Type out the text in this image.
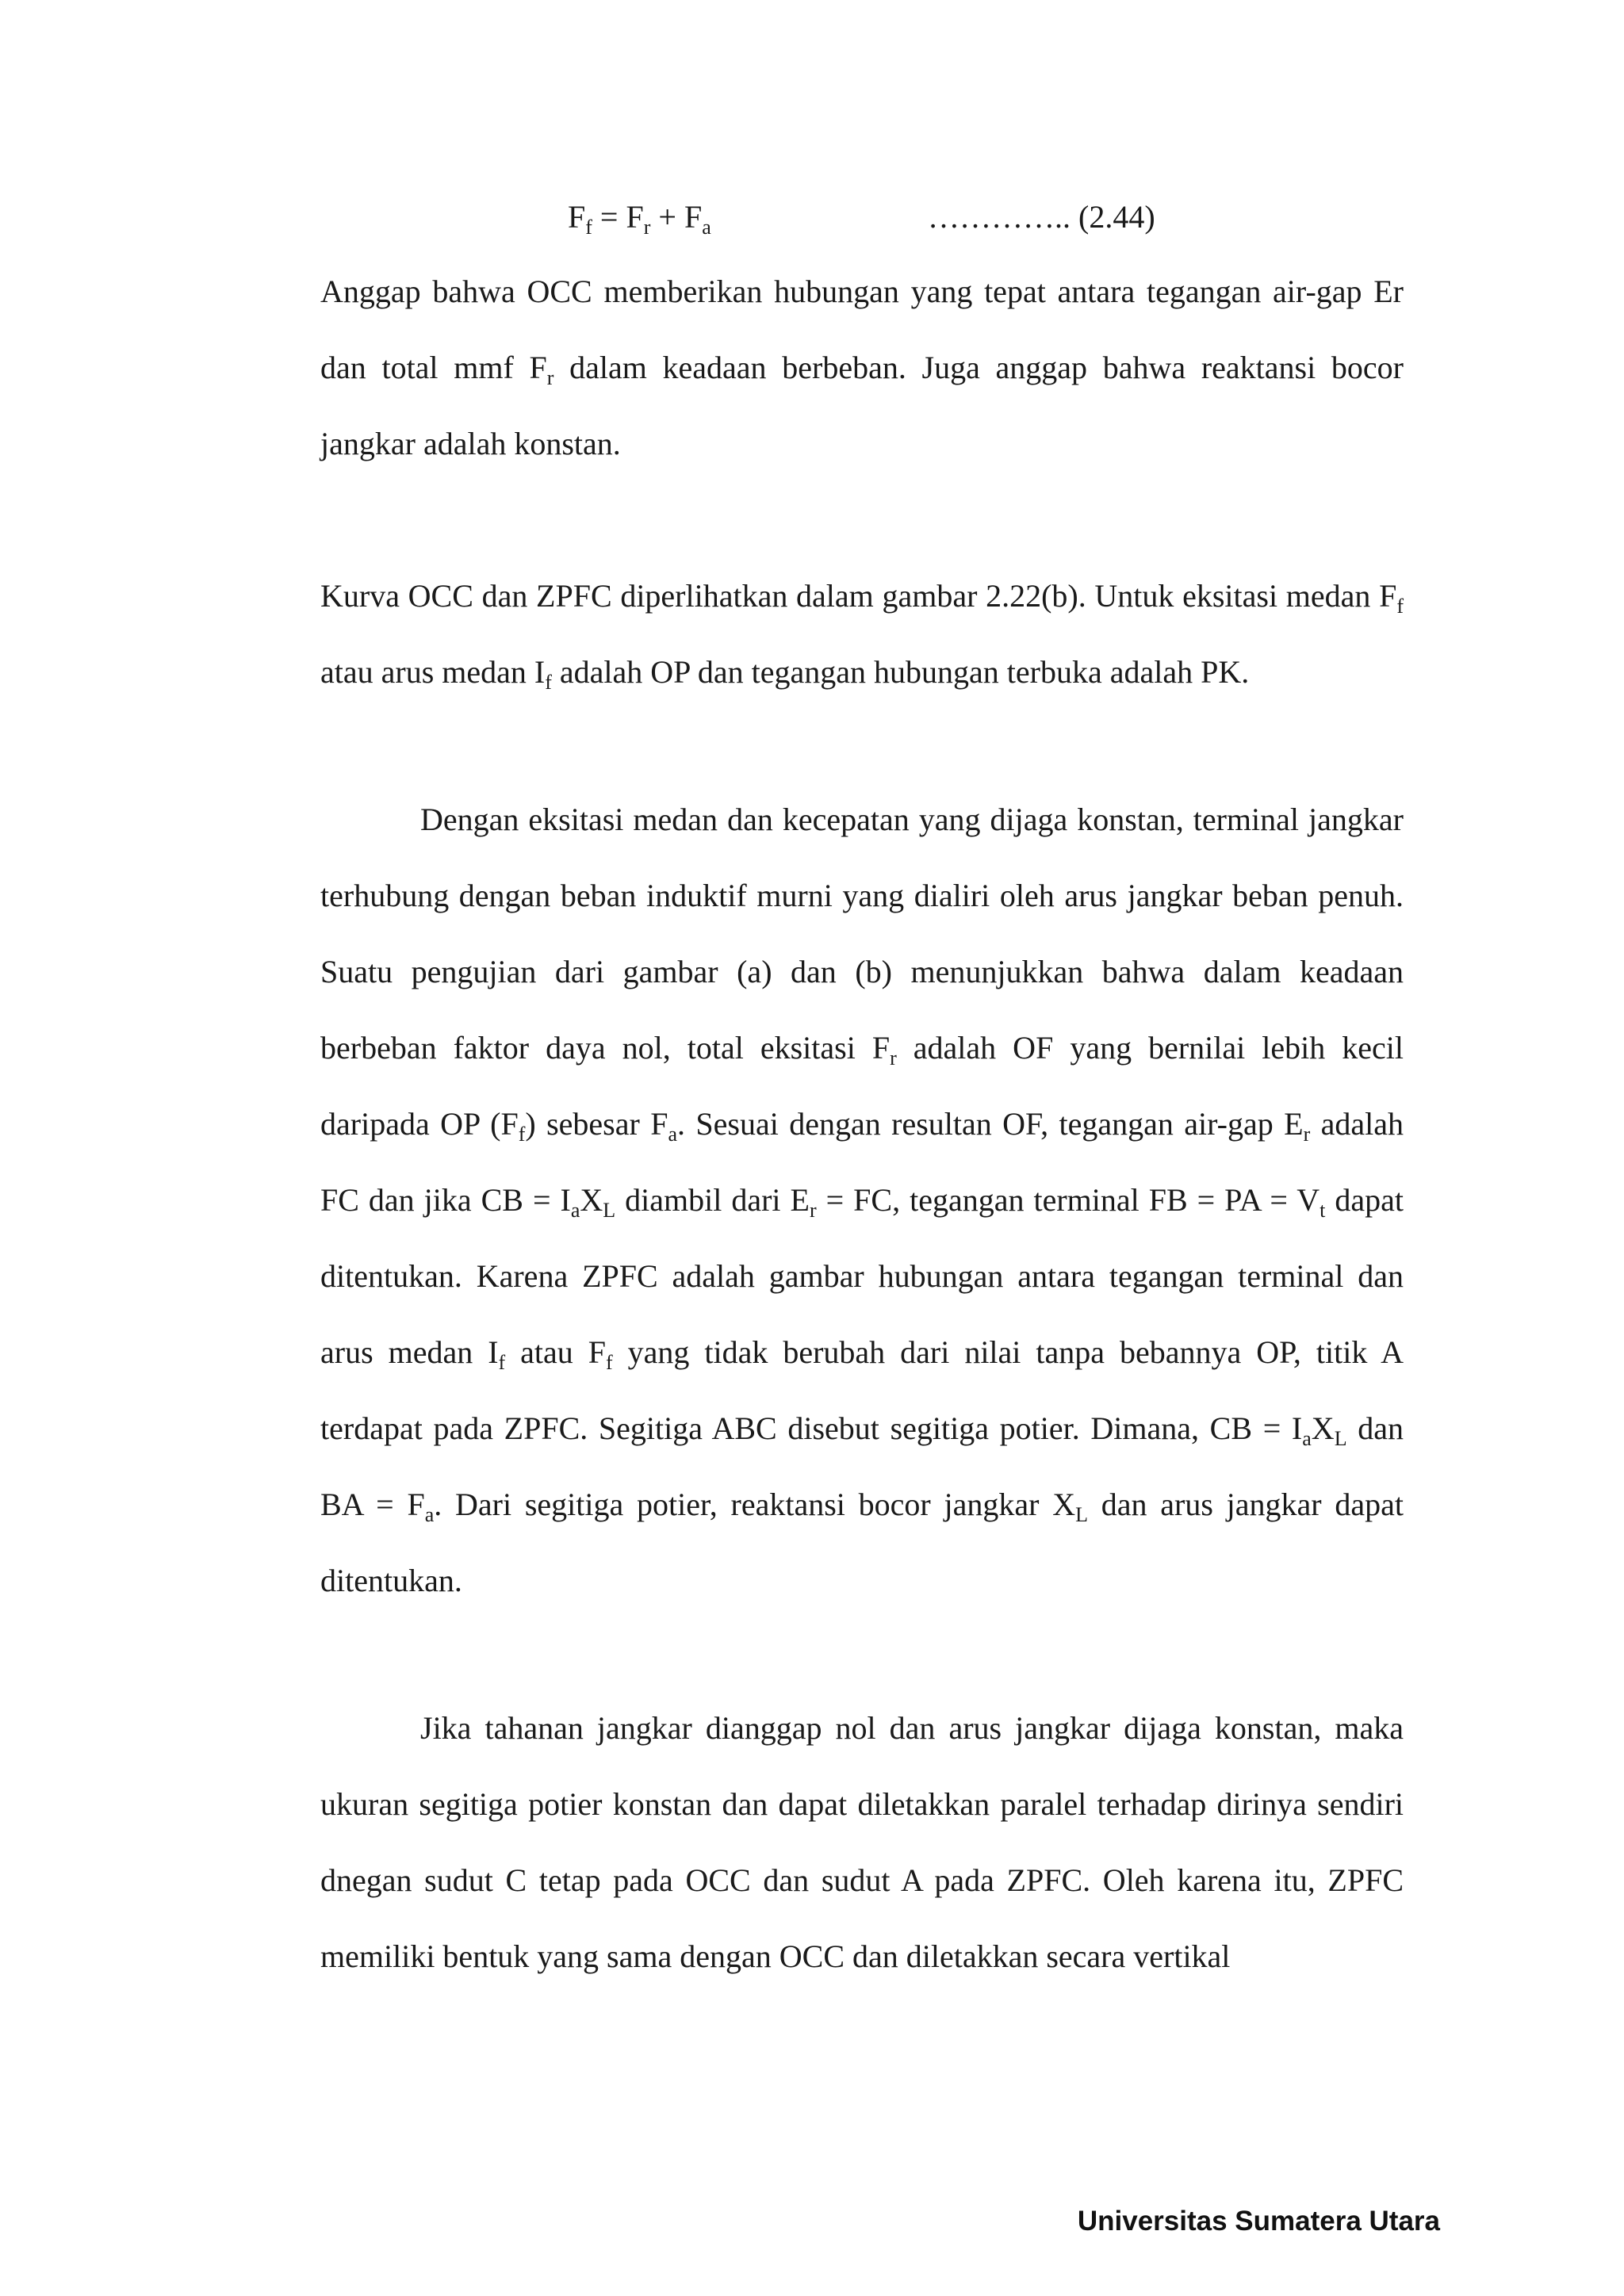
$F_f = F_r + F_a$	………….. (2.44)

Anggap bahwa OCC memberikan hubungan yang tepat antara tegangan air-gap Er dan total mmf $F_r$ dalam keadaan berbeban. Juga anggap bahwa reaktansi bocor jangkar adalah konstan.

Kurva OCC dan ZPFC diperlihatkan dalam gambar 2.22(b). Untuk eksitasi medan $F_f$ atau arus medan $I_f$ adalah OP dan tegangan hubungan terbuka adalah PK.

Dengan eksitasi medan dan kecepatan yang dijaga konstan, terminal jangkar terhubung dengan beban induktif murni yang dialiri oleh arus jangkar beban penuh. Suatu pengujian dari gambar (a) dan (b) menunjukkan bahwa dalam keadaan berbeban faktor daya nol, total eksitasi $F_r$ adalah OF yang bernilai lebih kecil daripada OP $(F_f)$ sebesar $F_a$. Sesuai dengan resultan OF, tegangan air-gap $E_r$ adalah FC dan jika CB = $I_aX_L$ diambil dari $E_r$ = FC, tegangan terminal FB = PA = $V_t$ dapat ditentukan. Karena ZPFC adalah gambar hubungan antara tegangan terminal dan arus medan $I_f$ atau $F_f$ yang tidak berubah dari nilai tanpa bebannya OP, titik A terdapat pada ZPFC. Segitiga ABC disebut segitiga potier. Dimana, CB = $I_aX_L$ dan BA = $F_a$. Dari segitiga potier, reaktansi bocor jangkar $X_L$ dan arus jangkar dapat ditentukan.

Jika tahanan jangkar dianggap nol dan arus jangkar dijaga konstan, maka ukuran segitiga potier konstan dan dapat diletakkan paralel terhadap dirinya sendiri dnegan sudut C tetap pada OCC dan sudut A pada ZPFC. Oleh karena itu, ZPFC memiliki bentuk yang sama dengan OCC dan diletakkan secara vertikal

Universitas Sumatera Utara
